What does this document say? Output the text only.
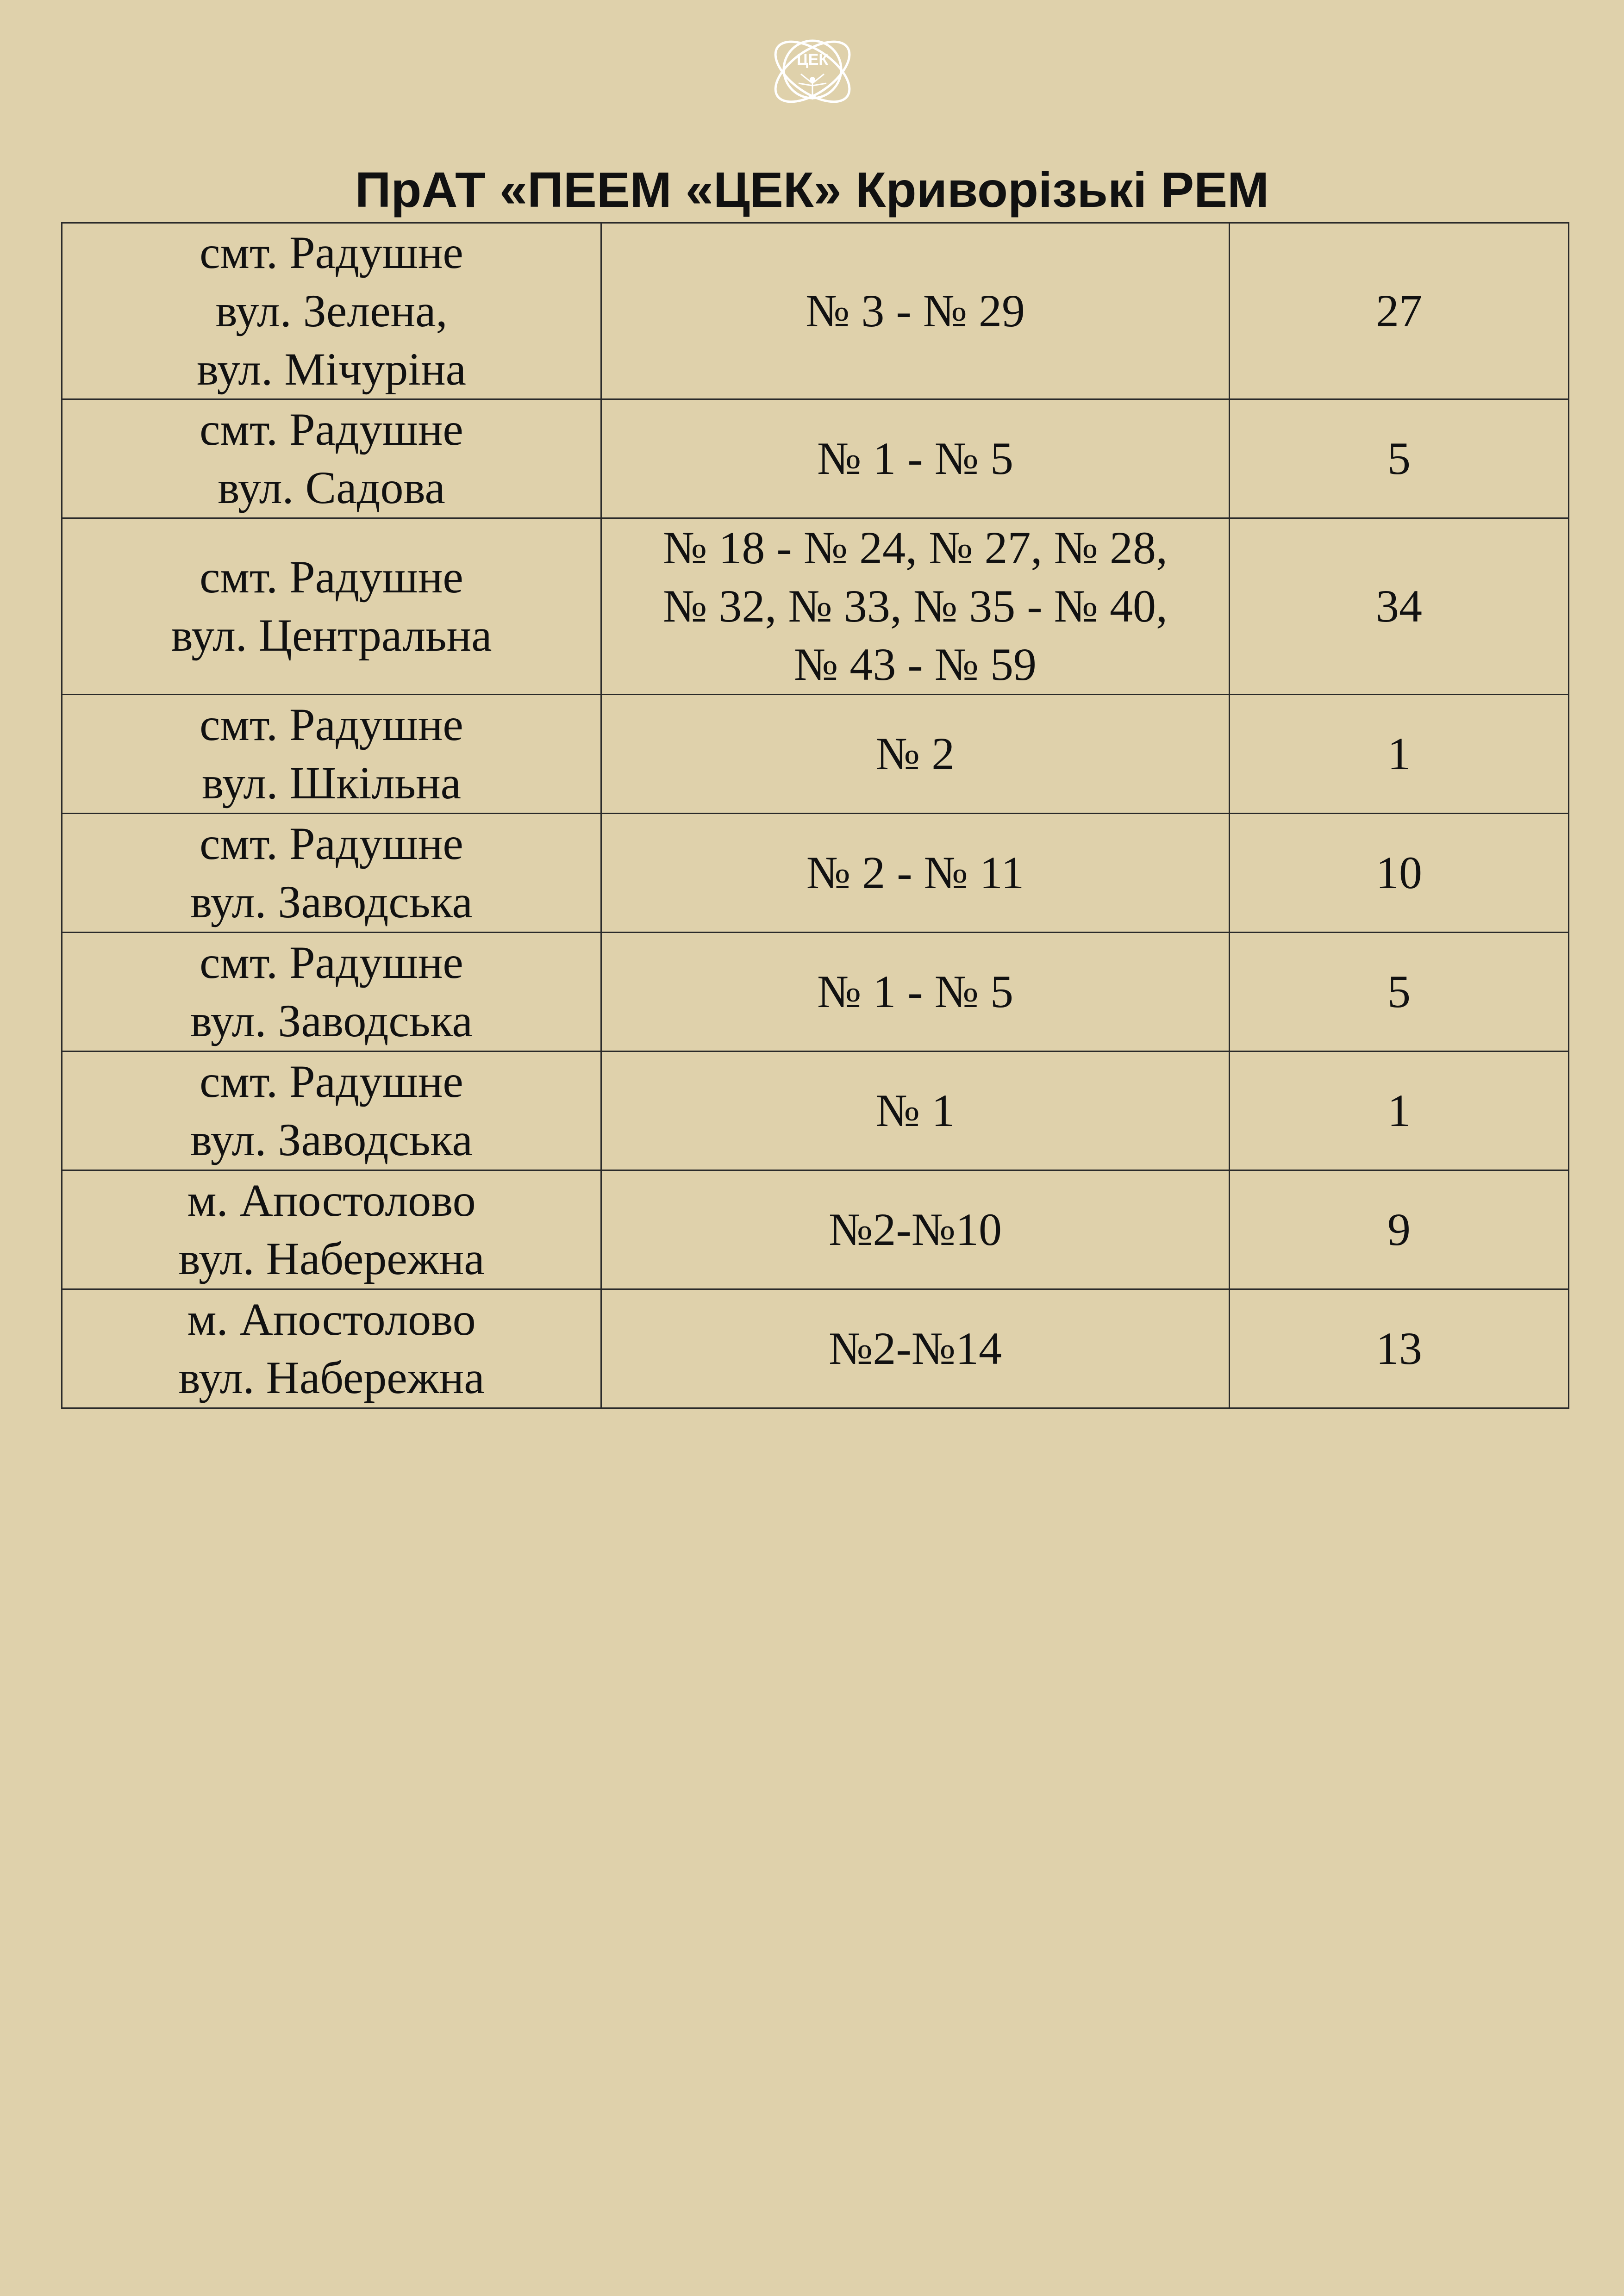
ЦЕК
ПрАТ «ПЕЕМ «ЦЕК» Криворізькі РЕМ
смт. Радушне
вул. Зелена,
вул. Мічуріна	№ 3 - № 29	27

смт. Радушне
вул. Садова	№ 1 - № 5	5

смт. Радушне
вул. Центральна	№ 18 - № 24, № 27, № 28,
№ 32, № 33, № 35 - № 40,
№ 43 - № 59	34

смт. Радушне
вул. Шкільна	№ 2	1

смт. Радушне
вул. Заводська	№ 2 - № 11	10

смт. Радушне
вул. Заводська	№ 1 - № 5	5

смт. Радушне
вул. Заводська	№ 1	1

м. Апостолово
вул. Набережна	№2-№10	9

м. Апостолово
вул. Набережна	№2-№14	13
